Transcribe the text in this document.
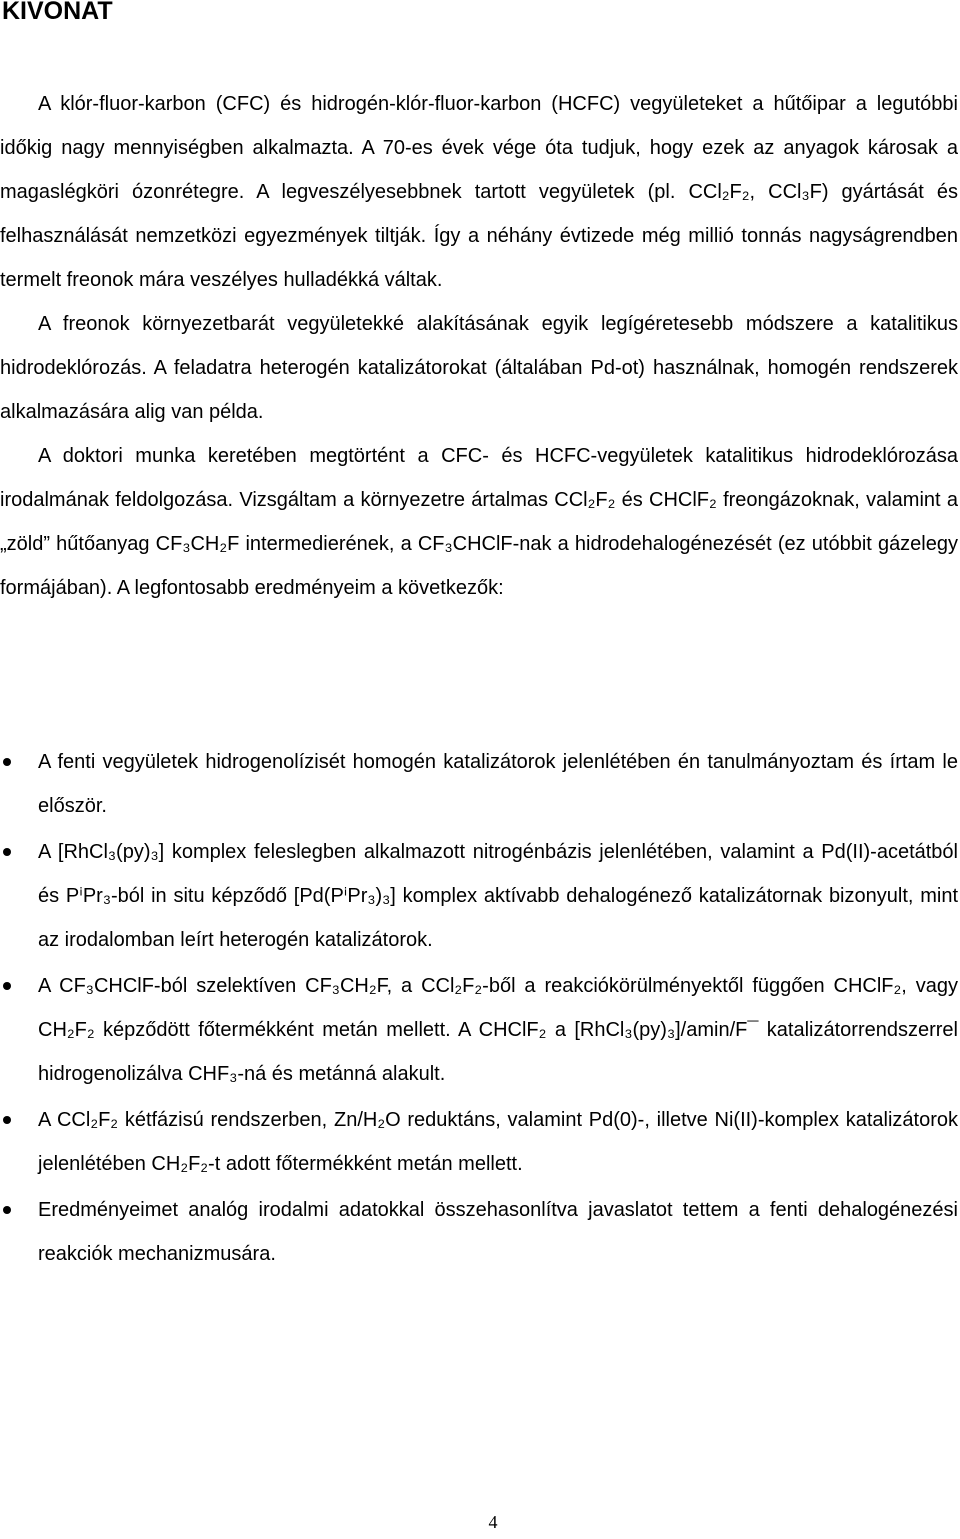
KIVONAT

A klór-fluor-karbon (CFC) és hidrogén-klór-fluor-karbon (HCFC) vegyületeket a hűtőipar a legutóbbi időkig nagy mennyiségben alkalmazta. A 70-es évek vége óta tudjuk, hogy ezek az anyagok károsak a magaslégköri ózonrétegre. A legveszélyesebbnek tartott vegyületek (pl. CCl₂F₂, CCl₃F) gyártását és felhasználását nemzetközi egyezmények tiltják. Így a néhány évtizede még millió tonnás nagyságrendben termelt freonok mára veszélyes hulladékká váltak.

A freonok környezetbarát vegyületekké alakításának egyik legígéretesebb módszere a katalitikus hidrodeklórozás. A feladatra heterogén katalizátorokat (általában Pd-ot) használnak, homogén rendszerek alkalmazására alig van példa.

A doktori munka keretében megtörtént a CFC- és HCFC-vegyületek katalitikus hidrodeklórozása irodalmának feldolgozása. Vizsgáltam a környezetre ártalmas CCl₂F₂ és CHClF₂ freongázoknak, valamint a „zöld” hűtőanyag CF₃CH₂F intermedierének, a CF₃CHClF-nak a hidrodehalogénezését (ez utóbbit gázelegy formájában). A legfontosabb eredményeim a következők:

A fenti vegyületek hidrogenolízisét homogén katalizátorok jelenlétében én tanulmányoztam és írtam le először.
A [RhCl₃(py)₃] komplex feleslegben alkalmazott nitrogénbázis jelenlétében, valamint a Pd(II)-acetátból és PⁱPr₃-ból in situ képződő [Pd(PⁱPr₃)₃] komplex aktívabb dehalogénező katalizátornak bizonyult, mint az irodalomban leírt heterogén katalizátorok.
A CF₃CHClF-ból szelektíven CF₃CH₂F, a CCl₂F₂-ből a reakciókörülményektől függően CHClF₂, vagy CH₂F₂ képződött főtermékként metán mellett. A CHClF₂ a [RhCl₃(py)₃]/amin/F¯ katalizátorrendszerrel hidrogenolizálva CHF₃-ná és metánná alakult.
A CCl₂F₂ kétfázisú rendszerben, Zn/H₂O reduktáns, valamint Pd(0)-, illetve Ni(II)-komplex katalizátorok jelenlétében CH₂F₂-t adott főtermékként metán mellett.
Eredményeimet analóg irodalmi adatokkal összehasonlítva javaslatot tettem a fenti dehalogénezési reakciók mechanizmusára.
4
